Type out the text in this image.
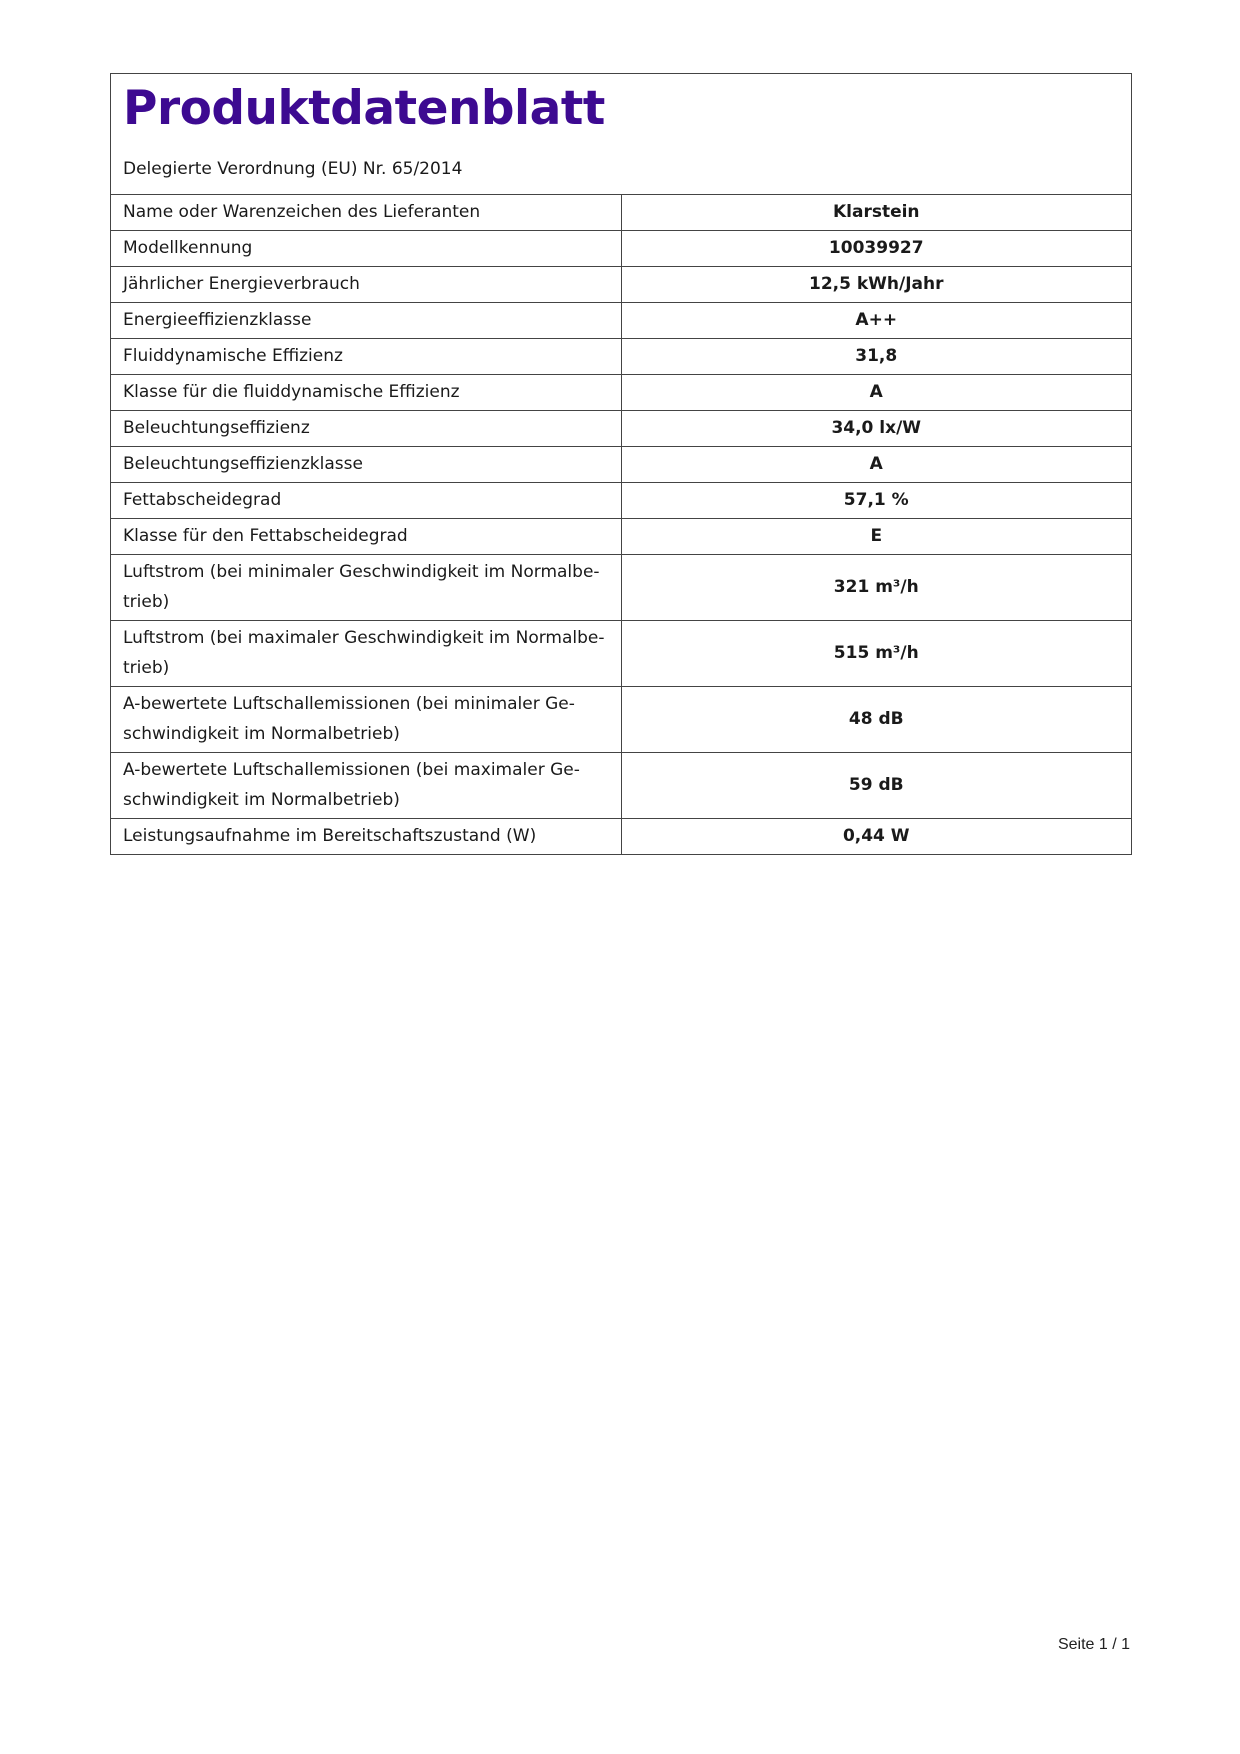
Produktdatenblatt
Delegierte Verordnung (EU) Nr. 65/2014
Name oder Warenzeichen des Lieferanten	Klarstein
Modellkennung	10039927
Jährlicher Energieverbrauch	12,5 kWh/Jahr
Energieeffizienzklasse	A++
Fluiddynamische Effizienz	31,8
Klasse für die fluiddynamische Effizienz	A
Beleuchtungseffizienz	34,0 lx/W
Beleuchtungseffizienzklasse	A
Fettabscheidegrad	57,1 %
Klasse für den Fettabscheidegrad	E
Luftstrom (bei minimaler Geschwindigkeit im Normalbe-trieb)	321 m³/h
Luftstrom (bei maximaler Geschwindigkeit im Normalbe-trieb)	515 m³/h
A-bewertete Luftschallemissionen (bei minimaler Ge-schwindigkeit im Normalbetrieb)	48 dB
A-bewertete Luftschallemissionen (bei maximaler Ge-schwindigkeit im Normalbetrieb)	59 dB
Leistungsaufnahme im Bereitschaftszustand (W)	0,44 W
Seite 1 / 1
